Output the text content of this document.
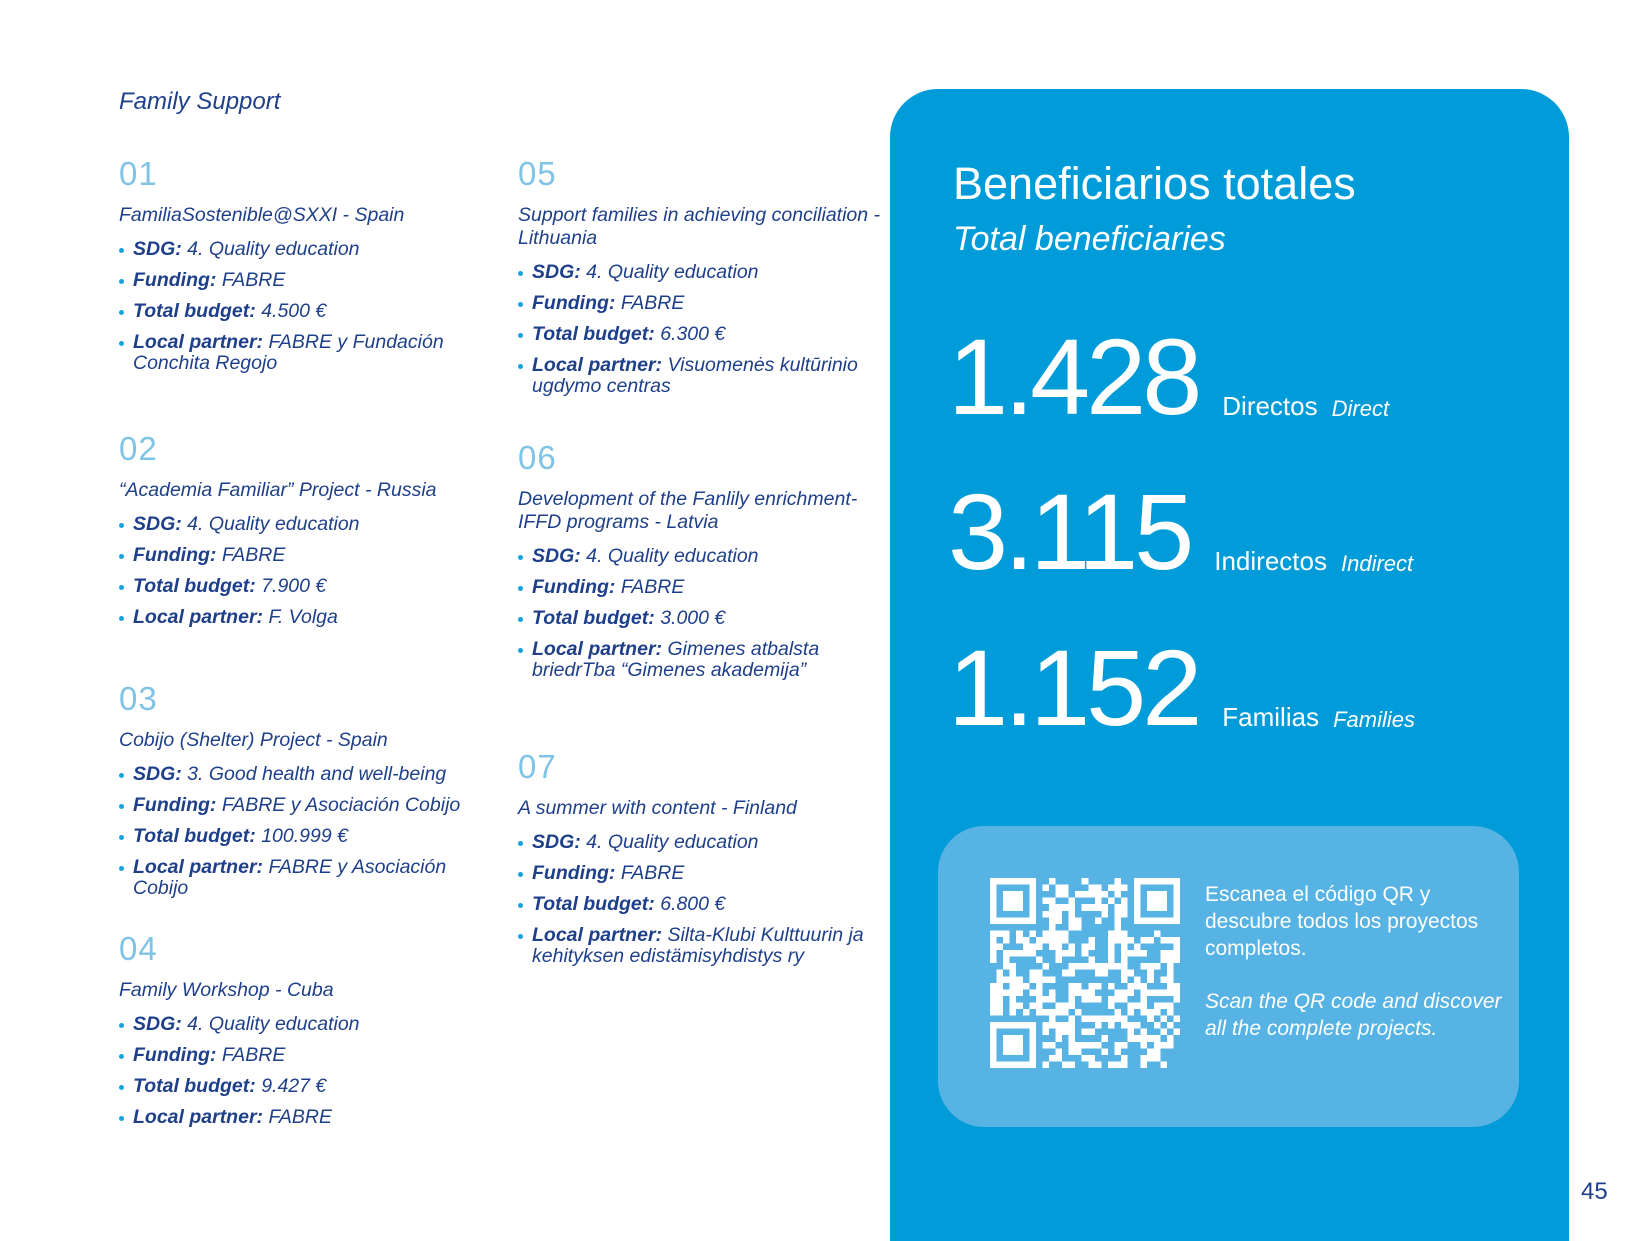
Family Support
01
FamiliaSostenible@SXXI - Spain
SDG: 4. Quality education
Funding: FABRE
Total budget: 4.500 €
Local partner: FABRE y Fundación Conchita Regojo
02
“Academia Familiar” Project - Russia
SDG: 4. Quality education
Funding: FABRE
Total budget: 7.900 €
Local partner: F. Volga
03
Cobijo (Shelter) Project - Spain
SDG: 3. Good health and well-being
Funding: FABRE y Asociación Cobijo
Total budget: 100.999 €
Local partner: FABRE y Asociación Cobijo
04
Family Workshop - Cuba
SDG: 4. Quality education
Funding: FABRE
Total budget: 9.427 €
Local partner: FABRE
05
Support families in achieving conciliation - Lithuania
SDG: 4. Quality education
Funding: FABRE
Total budget: 6.300 €
Local partner: Visuomenės kultūrinio ugdymo centras
06
Development of the Fanlily enrichment-IFFD programs - Latvia
SDG: 4. Quality education
Funding: FABRE
Total budget: 3.000 €
Local partner: Gimenes atbalsta briedrTba “Gimenes akademija”
07
A summer with content - Finland
SDG: 4. Quality education
Funding: FABRE
Total budget: 6.800 €
Local partner: Silta-Klubi Kulttuurin ja kehityksen edistämisyhdistys ry
Beneficiarios totales
Total beneficiaries
1.428 Directos Direct
3.115 Indirectos Indirect
1.152 Familias Families
Escanea el código QR y descubre todos los proyectos completos.
Scan the QR code and discover all the complete projects.
45
